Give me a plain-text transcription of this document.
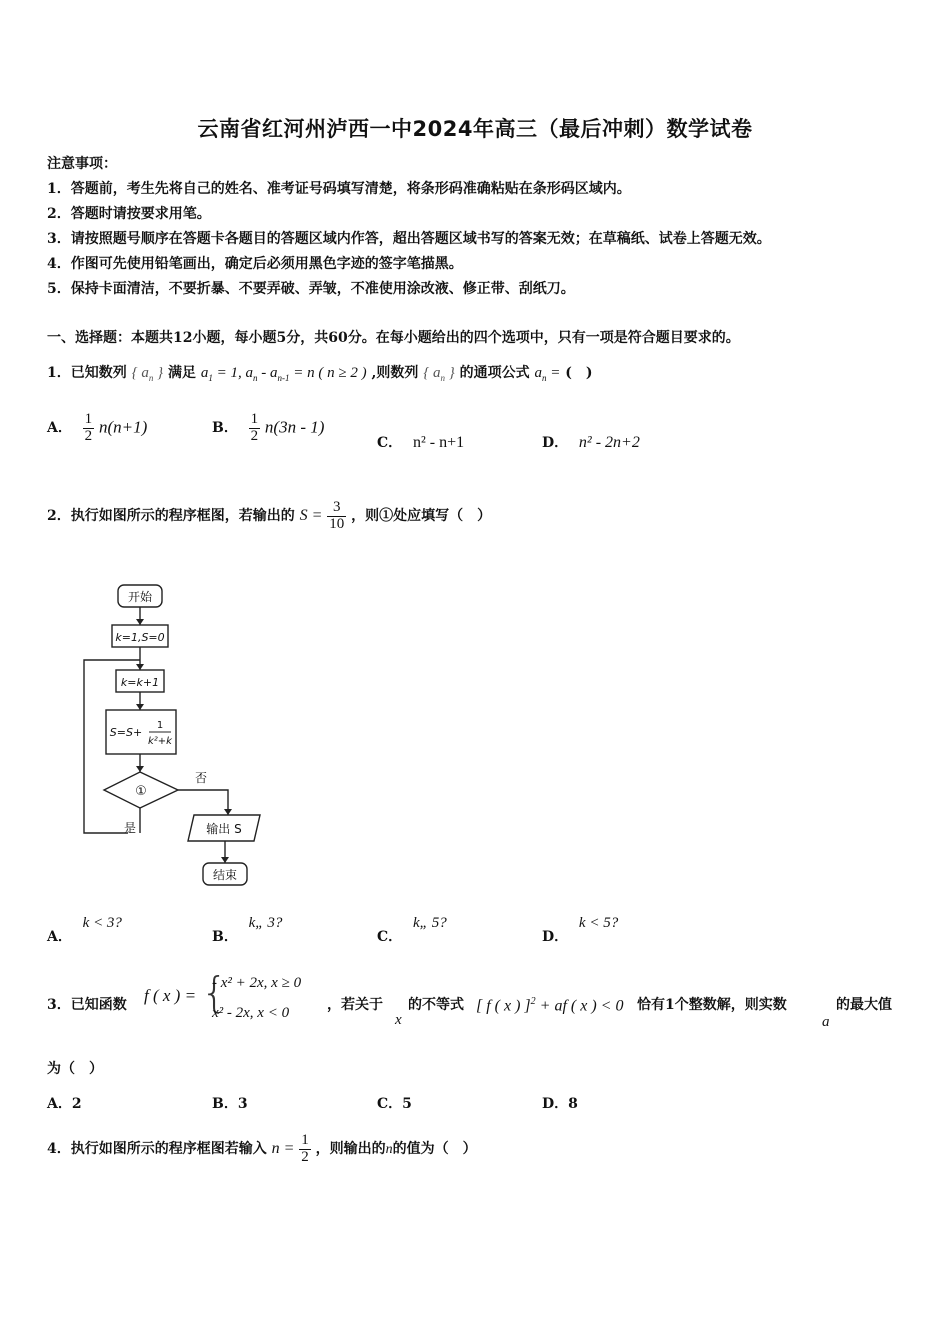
云南省红河州泸西一中2024年高三（最后冲刺）数学试卷
注意事项：
1．答题前，考生先将自己的姓名、准考证号码填写清楚，将条形码准确粘贴在条形码区域内。
2．答题时请按要求用笔。
3．请按照题号顺序在答题卡各题目的答题区域内作答，超出答题区域书写的答案无效；在草稿纸、试卷上答题无效。
4．作图可先使用铅笔画出，确定后必须用黑色字迹的签字笔描黑。
5．保持卡面清洁，不要折暴、不要弄破、弄皱，不准使用涂改液、修正带、刮纸刀。
一、选择题：本题共12小题，每小题5分，共60分。在每小题给出的四个选项中，只有一项是符合题目要求的。
1．已知数列 { $a_n$ } 满足 $a_1 = 1$, $a_n - a_{n-1} = n$ ( n ≥ 2 ) ,则数列 { $a_n$ } 的通项公式 $a_n$ = (　)
A． $\frac{1}{2} n(n+1)$	B． $\frac{1}{2} n(3n - 1)$
C． n² - n+1	D． n² - 2n+2
2．执行如图所示的程序框图，若输出的 $S = \frac{3}{10}$ ，则①处应填写（　）
开始
k=1,S=0
k=k+1
S=S+
1
k²+k
①
否
是	输出 S
结束
A． k < 3?
B． k„ 3?
C． k„ 5?
D． k < 5?
3．已知函数 f ( x ) = {
- x² + 2x, x ≥ 0
x² - 2x, x < 0	，若关于
x
的不等式 [ f ( x ) ]$^2$ + af ( x ) < 0 恰有1个整数解，则实数
a
的最大值
为（　）
A．2	B．3	C．5	D．8
4．执行如图所示的程序框图若输入 $n = \frac{1}{2}$ ，则输出的n的值为（　）
